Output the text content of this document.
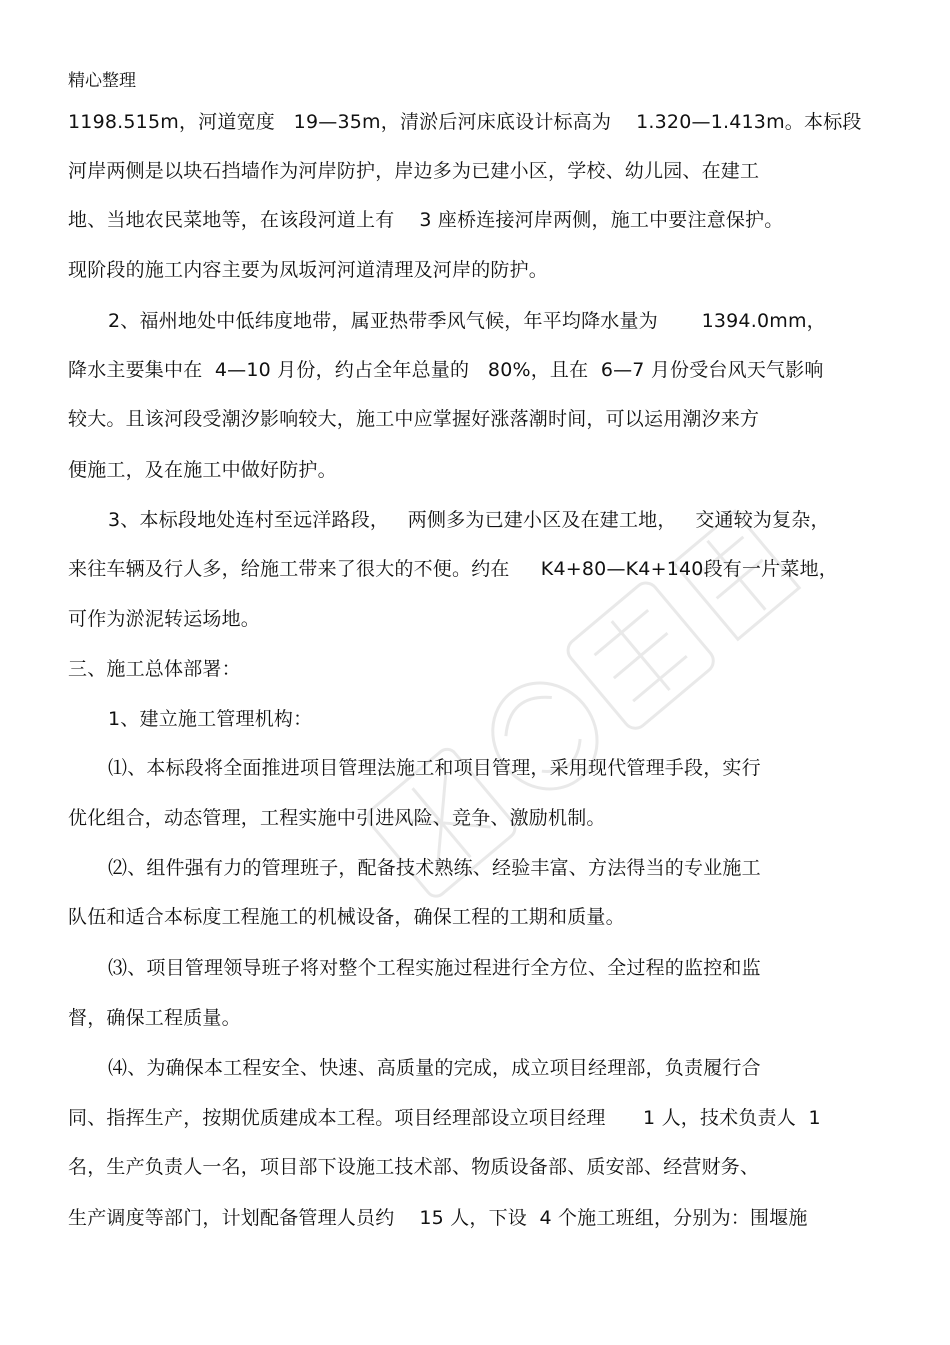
精心整理
1198.515m，河道宽度   19—35m，清淤后河床底设计标高为    1.320—1.413m。本标段
河岸两侧是以块石挡墙作为河岸防护，岸边多为已建小区，学校、幼儿园、在建工
地、当地农民菜地等，在该段河道上有    3 座桥连接河岸两侧，施工中要注意保护。
现阶段的施工内容主要为凤坂河河道清理及河岸的防护。
2、福州地处中低纬度地带，属亚热带季风气候，年平均降水量为       1394.0mm，
降水主要集中在  4—10 月份，约占全年总量的   80%，且在  6—7 月份受台风天气影响
较大。且该河段受潮汐影响较大，施工中应掌握好涨落潮时间，可以运用潮汐来方
便施工，及在施工中做好防护。
3、本标段地处连村至远洋路段，   两侧多为已建小区及在建工地，   交通较为复杂，
来往车辆及行人多，给施工带来了很大的不便。约在     K4+80—K4+140段有一片菜地，
可作为淤泥转运场地。
三、施工总体部署：
1、建立施工管理机构：
⑴、本标段将全面推进项目管理法施工和项目管理，采用现代管理手段，实行
优化组合，动态管理，工程实施中引进风险、竞争、激励机制。
⑵、组件强有力的管理班子，配备技术熟练、经验丰富、方法得当的专业施工
队伍和适合本标度工程施工的机械设备，确保工程的工期和质量。
⑶、项目管理领导班子将对整个工程实施过程进行全方位、全过程的监控和监
督，确保工程质量。
⑷、为确保本工程安全、快速、高质量的完成，成立项目经理部，负责履行合
同、指挥生产，按期优质建成本工程。项目经理部设立项目经理      1 人，技术负责人  1
名，生产负责人一名，项目部下设施工技术部、物质设备部、质安部、经营财务、
生产调度等部门，计划配备管理人员约    15 人，下设  4 个施工班组，分别为：围堰施
